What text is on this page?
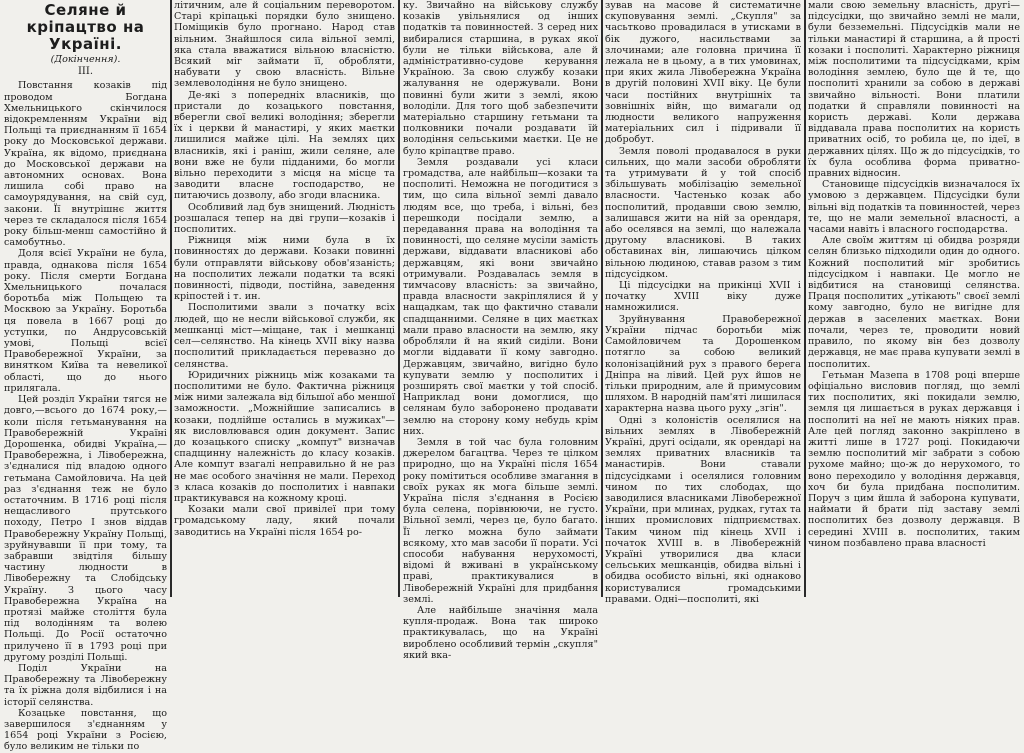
Селяне й кріпацтво на Україні.
(Докінчення).
III.

Повстання козаків під проводом Богдана Хмельницького скінчилося відокремленням України від Польщі та приєднанням її 1654 року до Московської держави. Україна, як відомо, приєднана до Московської держави на автономних основах. Вона лишила собі право на самоурядування, на свій суд, закони. Її внутрішнє життя через те складалося після 1654 року більш-менш самостійно й самобутньо.

Доля всієї України не була, правда, однакова після 1654 року. Після смерти Богдана Хмельницького почалася боротьба між Польщею та Москвою за Україну. Боротьба ця повела в 1667 році до уступки, по Андрусовській умові, Польщі всієї Правобережної України, за винятком Київа та невеликої області, що до нього прилягала.

Цей розділ України тягся не довго,—всього до 1674 року,—коли після гетьманування на Правобережній Україні Дорошенка, обидві Україна,— Правобережна, і Лівобережна, з'єдналися під владою одного гетьмана Самойловича. На цей раз з'єднання теж не було остаточним. В 1716 році після нещасливого прутського походу, Петро I знов віддав Правобережну Україну Польщі, зруйнувавши її при тому, та забравши звідтіля більшу частину людности в Лівобережну та Слобідську Україну. З цього часу Правобережна Україна на протязі майже століття була під володінням та волею Польщі. До Росії остаточно прилучено її в 1793 році при другому розділі Польщі.

Поділ України на Правобережну та Лівобережну та їх ріжна доля відбилися і на історії селянства.

Козацьке повстання, що завершилося з'єднанням у 1654 році України з Росією, було великим не тільки по

літичним, але й соціальним переворотом. Старі кріпацькі порядки було знищено. Поміщиків було прогнано. Народ став вільним. Знайшлося сила вільної землі, яка стала вважатися вільною власністю. Всякий міг займати її, обробляти, набувати у свою власність. Вільне землеволодіння не було знищено.

Де-які з попередніх власників, що пристали до козацького повстання, вберегли свої великі володіння; зберегли їх і церкви й манастирі, у яких маєтки лишилися майже цілі. На землях цих власників, які і раніш, жили селяне, але вони вже не були підданими, бо могли вільно переходити з місця на місце та заводити власне господарство, не питаючись дозволу, або згоди власника.

Особливий лад був знищений. Людність розшалася тепер на дві групи—козаків і посполитих.

Ріжниця між ними була в їх повинностях до держави. Козаки повинні були отправляти військову обов'язаність; на посполитих лежали податки та всякі повинності, підводи, постійна, заведення кріпостей і т. ин.

Посполитими звали з початку всіх людей, що не несли військової служби, як мешканці міст—міщане, так і мешканці сел—селянство. На кінець XVII віку назва посполитий прикладається перевазно до селянства.

Юридичних ріжниць між козаками та посполитими не було. Фактична ріжниця між ними залежала від більшої або меншої заможности. „Можнійшие записались в козаки, подлійше остались в мужиках"— як висловлювався один документ. Запис до козацького списку „компут" визначав спадщинну належність до класу козаків. Але компут взагалі неправильно й не раз не має особого значіння не мали. Переход з класа козаків до посполитих і навпаки практикувався на кожному кроці.

Козаки мали свої привілеї при тому громадському ладу, який почали заводитись на Україні після 1654 ро-

ку. Звичайно на військову службу козаків увільнялися од інших податків та повинностей. З серед них вибиралися старшина, в руках якої були не тільки військова, але й адміністративно-судове керування Україною. За свою службу козаки жалування не одержували. Вони повинні були жити з землі, якою володіли. Для того щоб забезпечити матеріально старшину гетьмани та полковники почали роздавати їй володіння сельськими маєтки. Це не було кріпацтве право.

Земля роздавали усі класи громадства, але найбільш—козаки та посполиті. Неможна не погодитися з тим, що сила вільної землі давало людям все, що треба, і вільні, без перешкоди посідали землю, а передавання права на володіння та повинності, що селяне мусіли замість держави, віддавати власникові або державцям, які вони звичайно отримували. Роздавалась земля в тимчасову власність: за звичайно, правда власности закріплялися й у нащадкам, так що фактично ставали спадщанними. Селяне в цих маєтках мали право власности на землю, яку обробляли й на який сиділи. Вони могли віддавати її кому завгодно. Державцям, звичайно, вигідно було купувати землю у посполитих і розширять свої маєтки у той спосіб. Наприклад вони домоглися, що селянам було заборонено продавати землю на сторону кому небудь крім них.

Земля в той час була головним джерелом багацтва. Через те цілком природно, що на Україні після 1654 року помітиться особливе змагання в своїх руках як мога більше землі. Україна після з'єднання в Росією була селена, порівнюючи, не густо. Вільної землі, через це, було багато. Її легко можна було займати всякому, хто мав засоби її порати. Усі способи набування нерухомості, відомі й вживані в українському праві, практикувалися в Лівобережній Україні для придбання землі.

Але найбільше значіння мала купля-продаж. Вона так широко практикувалась, що на Україні вироблено особливий термін „скупля" який вка-

зував на масове й систематичне скуповування землі. „Скупля" за часьтково провадилася в утисками в бік дужого, насильствами за злочинами; але головна причина її лежала не в цьому, а в тих умовинах, при яких жила Лівобережна Україна в другій половині XVII віку. Це були часи постійних внутрішніх та зовнішніх війн, що вимагали од людности великого напруження матеріальних сил і підривали її добробут.

Земля поволі продавалося в руки сильних, що мали засоби обробляти та утримувати й у той спосіб збільшувать мобілізацію земельної власности. Частенько козак або посполитий, продавши свою землю, залишався жити на ній за орендаря, або оселявся на землі, що належала другому власникові. В таких обставинах він, лишаючись цілком вільною людиною, ставав разом з тим підсусідком.

Ці підсусідки на прикінці XVII і початку XVIII віку дуже намножилися.

Зруйнування Правобережної України підчас боротьби між Самойловичем та Дорошенком потягло за собою великий колонізаційний рух з правого берега Дніпра на лівий. Цей рух йшов не тільки природним, але й примусовим шляхом. В народній пам'яті лишилася характерна назва цього руху „згін".

Одні з колоністів оселялися на вільних землях в Лівобережній Україні, другі осідали, як орендарі на землях приватних власників та манастирів. Вони ставали підсусідками і оселялися головним чином по тих слободах, що заводилися власниками Лівобережної України, при млинах, рудках, гутах та інших промислових підприємствах. Таким чином під кінець XVII і початок XVIII в. в Лівобережній Україні утворилися два класи сельських мешканців, обидва вільні і обидва особисто вільні, які однаково користувалися громадськими правами. Одні—посполиті, які

мали свою земельну власність, другі—підсусідки, що звичайно землі не мали, були безземельні. Підсусідків мали не тільки манастирі й старшина, а й прості козаки і посполиті. Характерно ріжниця між посполитими та підсусідками, крім володіння землею, було ще й те, що посполиті хранили за собою в державі звичайно вільності. Вони платили податки й справляли повинності на користь державі. Коли держава віддавала права посполитих на користь приватних осіб, то робила це, по ідеї, в державних цілях. Що ж до підсусідків, то їх була особлива форма приватно-правних відносин.

Становище підсусідків визначалося їх умовою з державцем. Підсусідки були вільні від податків та повинностей, через те, що не мали земельної власності, а часами навіть і власного господарства.

Але своїм життям ці обидва розряди селян близько підходили один до одного. Кожний посполитий міг зробитись підсусідком і навпаки. Це могло не відбитися на становищі селянства. Праця посполитих „утікають" своєї землі кому завгодно, було не вигідне для держав в заселених маєтках. Вони почали, через те, проводити новий правило, по якому він без дозволу державця, не має права купувати землі в посполитих.

Гетьман Мазепа в 1708 році вперше офіціально висловив погляд, що землі тих посполитих, які покидали землю, земля ця лишається в руках державця і посполиті на неї не мають ніяких прав. Але цей погляд законно закріплено в житті лише в 1727 році. Покидаючи землю посполитий міг забрати з собою рухоме майно; що-ж до нерухомого, то воно переходило у володіння державця, хоч би була придбана посполитим. Поруч з цим йшла й заборона купувати, наймати й брати під заставу землі посполитих без дозволу державця. В середині XVIII в. посполитих, таким чином позбавлено права власності
